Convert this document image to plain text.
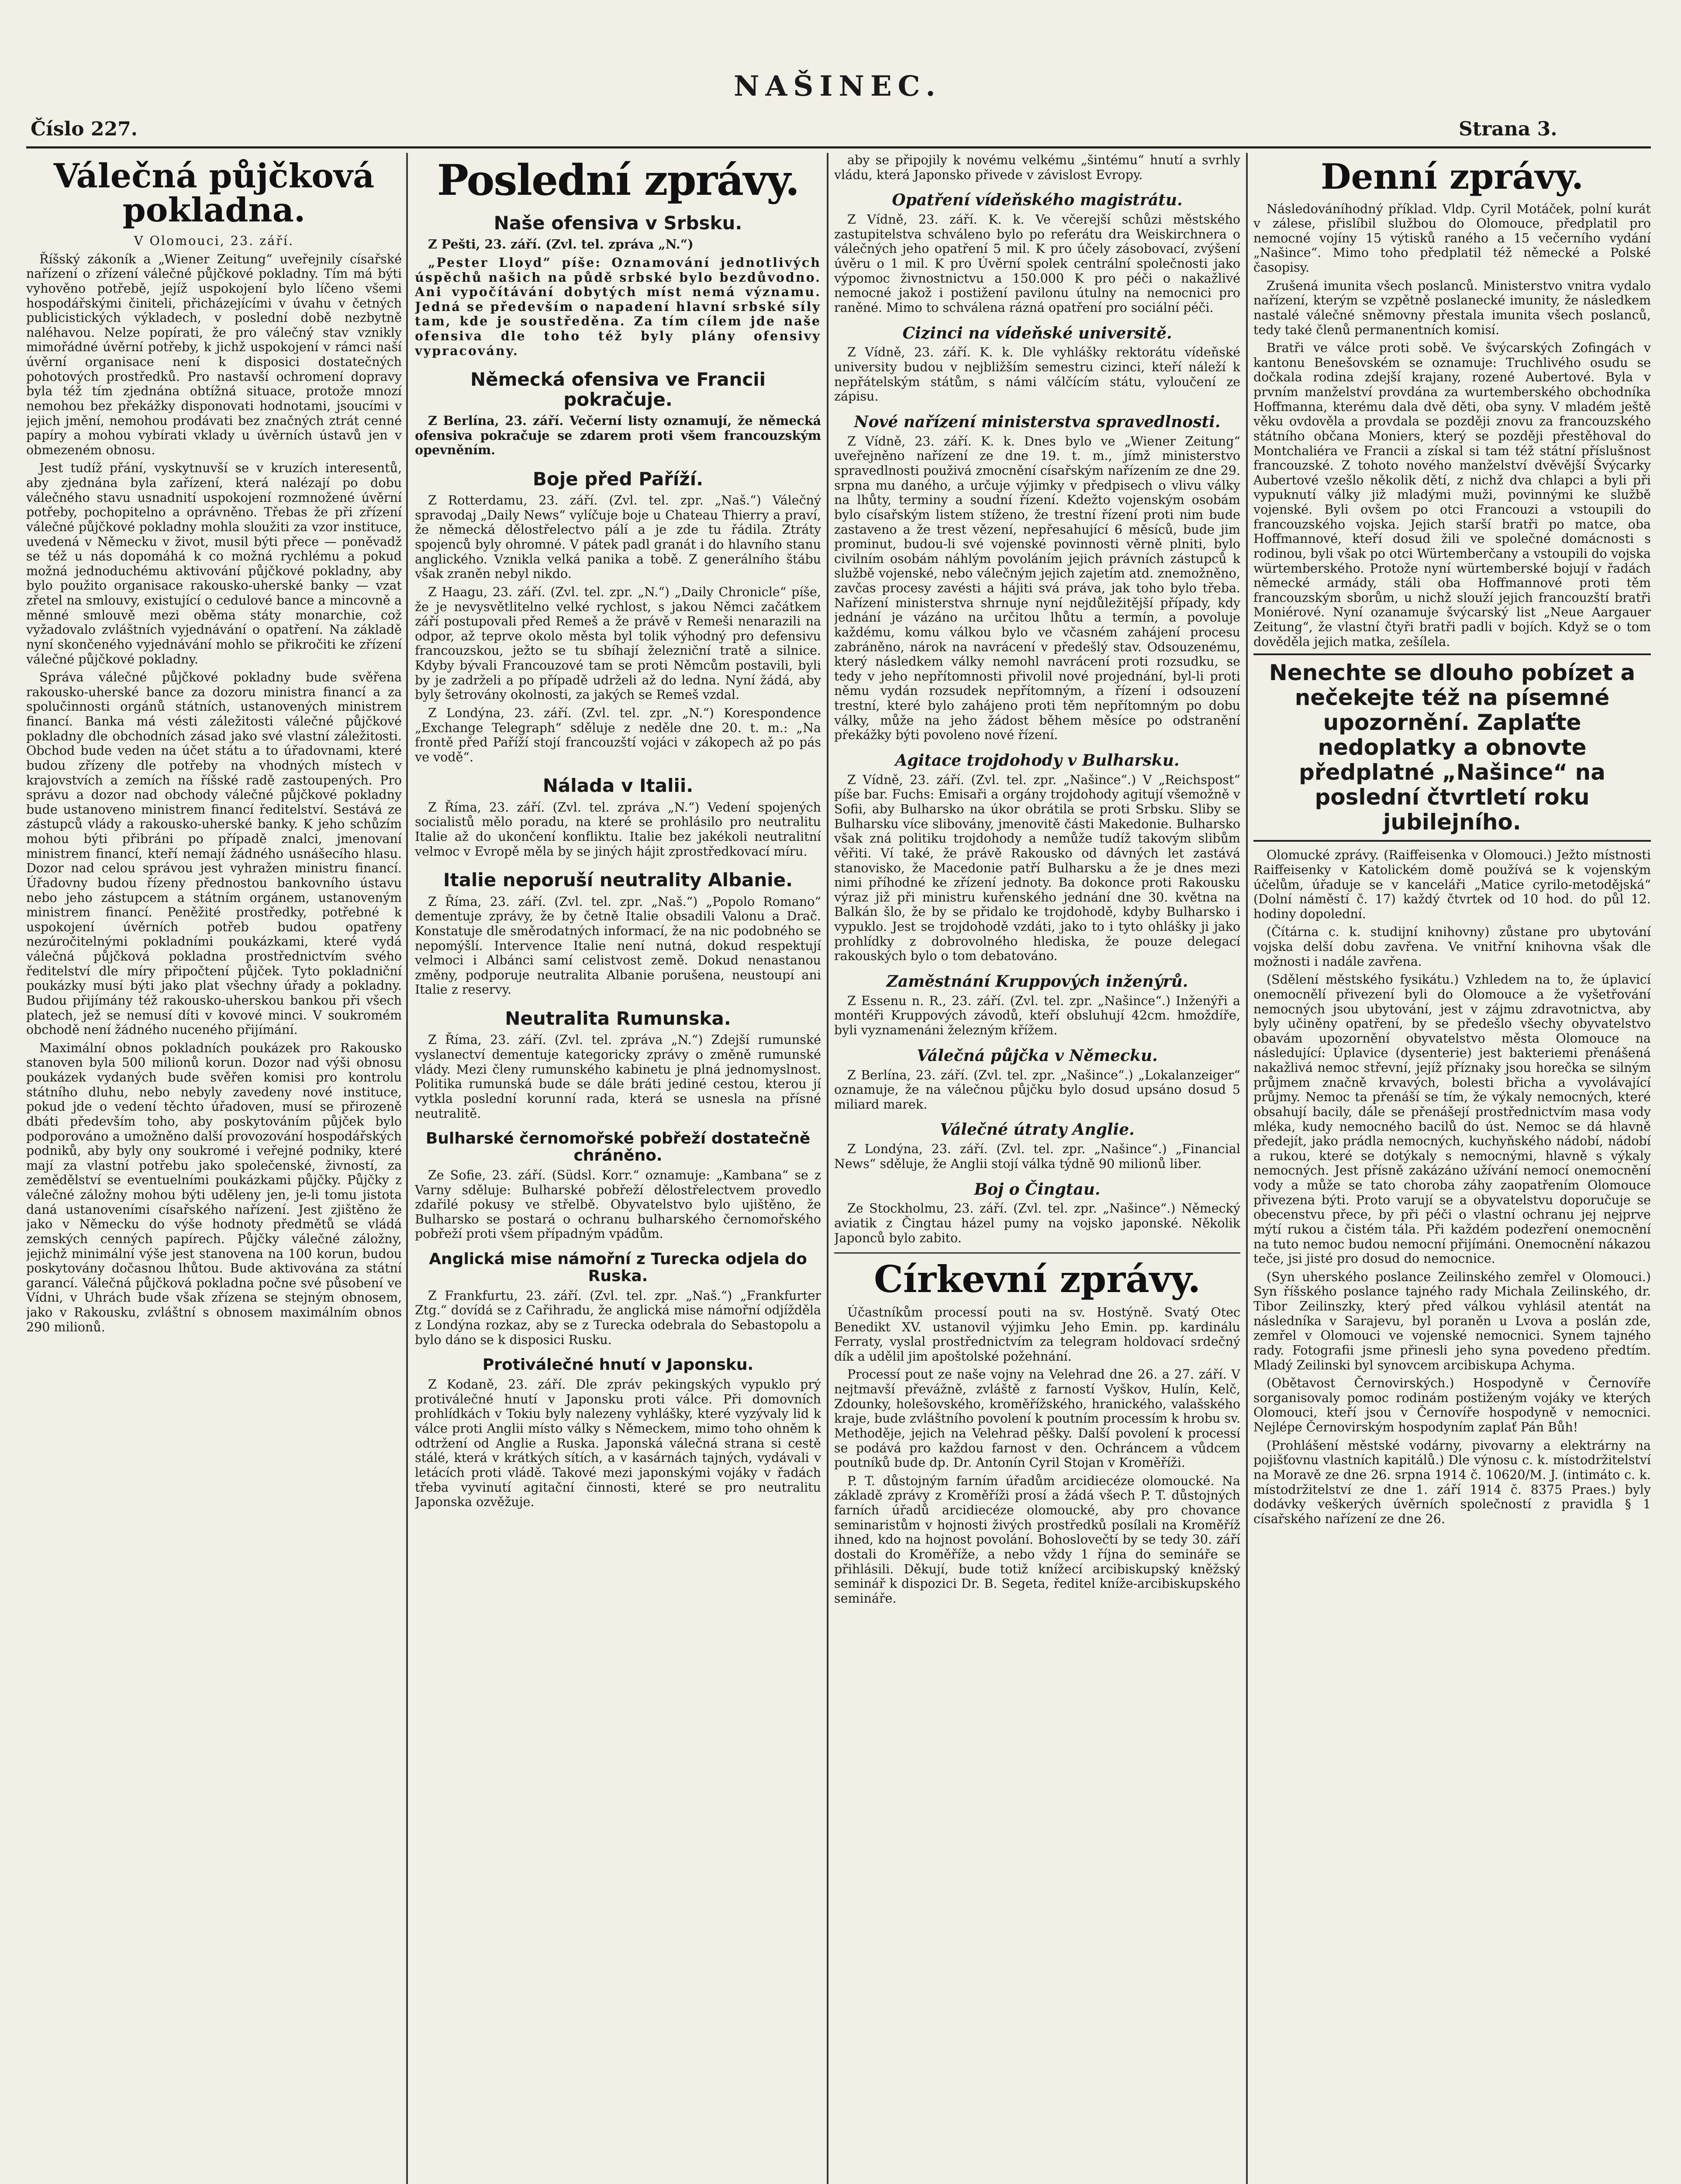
Číslo 227.
NAŠINEC.
Strana 3.
Válečná půjčková pokladna.

V Olomouci, 23. září.

Říšský zákoník a „Wiener Zeitung“ uveřejnily císařské nařízení o zřízení válečné půjčkové pokladny. Tím má býti vyhověno potřebě, jejíž uspokojení bylo líčeno všemi hospodářskými činiteli, přicházejícími v úvahu v četných publicistických výkladech, v poslední době nezbytně naléhavou. Nelze popírati, že pro válečný stav vznikly mimořádné úvěrní potřeby, k jichž uspokojení v rámci naší úvěrní organisace není k disposici dostatečných pohotových prostředků. Pro nastavší ochromení dopravy byla též tím zjednána obtížná situace, protože mnozí nemohou bez překážky disponovati hodnotami, jsoucími v jejich jmění, nemohou prodávati bez značných ztrát cenné papíry a mohou vybírati vklady u úvěrních ústavů jen v obmezeném obnosu.

Jest tudíž přání, vyskytnuvší se v kruzích interesentů, aby zjednána byla zařízení, která nalézají po dobu válečného stavu usnadnití uspokojení rozmnožené úvěrní potřeby, pochopitelno a oprávněno. Třebas že při zřízení válečné půjčkové pokladny mohla sloužiti za vzor instituce, uvedená v Německu v život, musil býti přece — poněvadž se též u nás dopomáhá k co možná rychlému a pokud možná jednoduchému aktivování půjčkové pokladny, aby bylo použito organisace rakousko-uherské banky — vzat zřetel na smlouvy, existující o cedulové bance a mincovně a měnné smlouvě mezi oběma státy monarchie, což vyžadovalo zvláštních vyjednávání o opatření. Na základě nyní skončeného vyjednávání mohlo se přikročiti ke zřízení válečné půjčkové pokladny.

Správa válečné půjčkové pokladny bude svěřena rakousko-uherské bance za dozoru ministra financí a za spolučinnosti orgánů státních, ustanovených ministrem financí. Banka má vésti záležitosti válečné půjčkové pokladny dle obchodních zásad jako své vlastní záležitosti. Obchod bude veden na účet státu a to úřadovnami, které budou zřízeny dle potřeby na vhodných místech v krajovstvích a zemích na říšské radě zastoupených. Pro správu a dozor nad obchody válečné půjčkové pokladny bude ustanoveno ministrem financí ředitelství. Sestává ze zástupců vlády a rakousko-uherské banky. K jeho schůzím mohou býti přibráni po případě znalci, jmenovaní ministrem financí, kteří nemají žádného usnášecího hlasu. Dozor nad celou správou jest vyhražen ministru financí. Úřadovny budou řízeny přednostou bankovního ústavu nebo jeho zástupcem a státním orgánem, ustanoveným ministrem financí. Peněžité prostředky, potřebné k uspokojení úvěrních potřeb budou opatřeny nezúročitelnými pokladními poukázkami, které vydá válečná půjčková pokladna prostřednictvím svého ředitelství dle míry připočtení půjček. Tyto pokladniční poukázky musí býti jako plat všechny úřady a pokladny. Budou přijímány též rakousko-uherskou bankou při všech platech, jež se nemusí díti v kovové minci. V soukromém obchodě není žádného nuceného přijímání.

Maximální obnos pokladních poukázek pro Rakousko stanoven byla 500 milionů korun. Dozor nad výši obnosu poukázek vydaných bude svěřen komisi pro kontrolu státního dluhu, nebo nebyly zavedeny nové instituce, pokud jde o vedení těchto úřadoven, musí se přirozeně dbáti především toho, aby poskytováním půjček bylo podporováno a umožněno další provozování hospodářských podniků, aby byly ony soukromé i veřejné podniky, které mají za vlastní potřebu jako společenské, živností, za zemědělství se eventuelními poukázkami půjčky. Půjčky z válečné záložny mohou býti uděleny jen, je-li tomu jistota daná ustanoveními císařského nařízení. Jest zjištěno že jako v Německu do výše hodnoty předmětů se vládá zemských cenných papírech. Půjčky válečné záložny, jejichž minimální výše jest stanovena na 100 korun, budou poskytovány dočasnou lhůtou. Bude aktivována za státní garancí. Válečná půjčková pokladna počne své působení ve Vídni, v Uhrách bude však zřízena se stejným obnosem, jako v Rakousku, zvláštní s obnosem maximálním obnos 290 milionů.

Poslední zprávy.
Naše ofensiva v Srbsku.

Z Pešti, 23. září. (Zvl. tel. zpráva „N.“)

„Pester Lloyd“ píše: Oznamování jednotlivých úspěchů našich na půdě srbské bylo bezdůvodno. Ani vypočítávání dobytých míst nemá významu. Jedná se především o napadení hlavní srbské síly tam, kde je soustředěna. Za tím cílem jde naše ofensiva dle toho též byly plány ofensivy vypracovány.

Německá ofensiva ve Francii pokračuje.

Z Berlína, 23. září. Večerní listy oznamují, že německá ofensiva pokračuje se zdarem proti všem francouzským opevněním.

Boje před Paříží.

Z Rotterdamu, 23. září. (Zvl. tel. zpr. „Naš.“) Válečný spravodaj „Daily News“ vylíčuje boje u Chateau Thierry a praví, že německá dělostřelectvo pálí a je zde tu řádila. Ztráty spojenců byly ohromné. V pátek padl granát i do hlavního stanu anglického. Vznikla velká panika a tobě. Z generálního štábu však zraněn nebyl nikdo.

Z Haagu, 23. září. (Zvl. tel. zpr. „N.“) „Daily Chronicle“ píše, že je nevysvětlitelno velké rychlost, s jakou Němci začátkem září postupovali před Remeš a že právě v Remeši nenarazili na odpor, až teprve okolo města byl tolik výhodný pro defensivu francouzskou, ježto se tu sbíhají železniční tratě a silnice. Kdyby bývali Francouzové tam se proti Němcům postavili, byli by je zadrželi a po případě udrželi až do ledna. Nyní žádá, aby byly šetrovány okolnosti, za jakých se Remeš vzdal.

Z Londýna, 23. září. (Zvl. tel. zpr. „N.“) Korespondence „Exchange Telegraph“ sděluje z neděle dne 20. t. m.: „Na frontě před Paříží stojí francouzští vojáci v zákopech až po pás ve vodě“.

Nálada v Italii.

Z Říma, 23. září. (Zvl. tel. zpráva „N.“) Vedení spojených socialistů mělo poradu, na které se prohlásilo pro neutralitu Italie až do ukončení konfliktu. Italie bez jakékoli neutralitní velmoc v Evropě měla by se jiných hájit zprostředkovací míru.

Italie neporuší neutrality Albanie.

Z Říma, 23. září. (Zvl. tel. zpr. „Naš.“) „Popolo Romano“ dementuje zprávy, že by četně Italie obsadili Valonu a Drač. Konstatuje dle směrodatných informací, že na nic podobného se nepomýšlí. Intervence Italie není nutná, dokud respektují velmoci i Albánci samí celistvost země. Dokud nenastanou změny, podporuje neutralita Albanie porušena, neustoupí ani Italie z reservy.

Neutralita Rumunska.

Z Říma, 23. září. (Zvl. tel. zpráva „N.“) Zdejší rumunské vyslanectví dementuje kategoricky zprávy o změně rumunské vlády. Mezi členy rumunského kabinetu je plná jednomyslnost. Politika rumunská bude se dále bráti jediné cestou, kterou jí vytkla poslední korunní rada, která se usnesla na přísné neutralitě.

Bulharské černomořské pobřeží dostatečně chráněno.

Ze Sofie, 23. září. (Südsl. Korr.“ oznamuje: „Kambana“ se z Varny sděluje: Bulharské pobřeží dělostřelectvem provedlo zdařilé pokusy ve střelbě. Obyvatelstvo bylo ujištěno, že Bulharsko se postará o ochranu bulharského černomořského pobřeží proti všem případným vpádům.

Anglická mise námořní z Turecka odjela do Ruska.

Z Frankfurtu, 23. září. (Zvl. tel. zpr. „Naš.“) „Frankfurter Ztg.“ dovídá se z Cařihradu, že anglická mise námořní odjížděla z Londýna rozkaz, aby se z Turecka odebrala do Sebastopolu a bylo dáno se k disposici Rusku.

Protiválečné hnutí v Japonsku.

Z Kodaně, 23. září. Dle zpráv pekingských vypuklo prý protiválečné hnutí v Japonsku proti válce. Při domovních prohlídkách v Tokiu byly nalezeny vyhlášky, které vyzývaly lid k válce proti Anglii místo války s Německem, mimo toho ohněm k odtržení od Anglie a Ruska. Japonská válečná strana si cestě stálé, která v krátkých sítích, a v kasárnách tajných, vydávali v letácích proti vládě. Takové mezi japonskými vojáky v řadách třeba vyvinutí agitační činnosti, které se pro neutralitu Japonska ozvěžuje.

aby se připojily k novému velkému „šintému“ hnutí a svrhly vládu, která Japonsko přivede v závislost Evropy.

Opatření vídeňského magistrátu.

Z Vídně, 23. září. K. k. Ve včerejší schůzi městského zastupitelstva schváleno bylo po referátu dra Weiskirchnera o válečných jeho opatření 5 mil. K pro účely zásobovací, zvýšení úvěru o 1 mil. K pro Úvěrní spolek centrální společnosti jako výpomoc živnostnictvu a 150.000 K pro péči o nakažlivé nemocné jakož i postižení pavilonu útulny na nemocnici pro raněné. Mimo to schválena rázná opatření pro sociální péči.

Cizinci na vídeňské universitě.

Z Vídně, 23. září. K. k. Dle vyhlášky rektorátu vídeňské university budou v nejbližším semestru cizinci, kteří náleží k nepřátelským státům, s námi válčícím státu, vyloučení ze zápisu.

Nové nařízení ministerstva spravedlnosti.

Z Vídně, 23. září. K. k. Dnes bylo ve „Wiener Zeitung“ uveřejněno nařízení ze dne 19. t. m., jímž ministerstvo spravedlnosti použivá zmocnění císařským nařízením ze dne 29. srpna mu daného, a určuje výjimky v předpisech o vlivu války na lhůty, terminy a soudní řízení. Kdežto vojenským osobám bylo císařským listem stíženo, že trestní řízení proti nim bude zastaveno a že trest vězení, nepřesahující 6 měsíců, bude jim prominut, budou-li své vojenské povinnosti věrně plniti, bylo civilním osobám náhlým povoláním jejich právních zástupců k službě vojenské, nebo válečným jejich zajetím atd. znemožněno, zavčas procesy zavésti a hájiti svá práva, jak toho bylo třeba. Nařízení ministerstva shrnuje nyní nejdůležitější případy, kdy jednání je vázáno na určitou lhůtu a termín, a povoluje každému, komu válkou bylo ve včasném zahájení procesu zabráněno, nárok na navrácení v předešlý stav. Odsouzenému, který následkem války nemohl navrácení proti rozsudku, se tedy v jeho nepřítomnosti přivolil nové projednání, byl-li proti němu vydán rozsudek nepřítomným, a řízení i odsouzení trestní, které bylo zahájeno proti těm nepřítomným po dobu války, může na jeho žádost během měsíce po odstranění překážky býti povoleno nové řízení.

Agitace trojdohody v Bulharsku.

Z Vídně, 23. září. (Zvl. tel. zpr. „Našince“.) V „Reichspost“ píše bar. Fuchs: Emisaři a orgány trojdohody agitují všemožně v Sofii, aby Bulharsko na úkor obrátila se proti Srbsku. Sliby se Bulharsku více slibovány, jmenovitě části Makedonie. Bulharsko však zná politiku trojdohody a nemůže tudíž takovým slibům věřiti. Ví také, že právě Rakousko od dávných let zastává stanovisko, že Macedonie patří Bulharsku a že je dnes mezi nimi příhodné ke zřízení jednoty. Ba dokonce proti Rakousku výraz již při ministru kuřenského jednání dne 30. května na Balkán šlo, že by se přidalo ke trojdohodě, kdyby Bulharsko i vypuklo. Jest se trojdohodě vzdáti, jako to i tyto ohlášky ji jako prohlídky z dobrovolného hlediska, že pouze delegací rakouských bylo o tom debatováno.

Zaměstnání Kruppových inženýrů.

Z Essenu n. R., 23. září. (Zvl. tel. zpr. „Našince“.) Inženýři a montéři Kruppových závodů, kteří obsluhují 42cm. hmoždíře, byli vyznamenáni železným křížem.

Válečná půjčka v Německu.

Z Berlína, 23. září. (Zvl. tel. zpr. „Našince“.) „Lokalanzeiger“ oznamuje, že na válečnou půjčku bylo dosud upsáno dosud 5 miliard marek.

Válečné útraty Anglie.

Z Londýna, 23. září. (Zvl. tel. zpr. „Našince“.) „Financial News“ sděluje, že Anglii stojí válka týdně 90 milionů liber.

Boj o Čingtau.

Ze Stockholmu, 23. září. (Zvl. tel. zpr. „Našince“.) Německý aviatik z Čingtau házel pumy na vojsko japonské. Několik Japonců bylo zabito.

Církevní zprávy.

Účastníkům processí pouti na sv. Hostýně. Svatý Otec Benedikt XV. ustanovil výjimku Jeho Emin. pp. kardinálu Ferraty, vyslal prostřednictvím za telegram holdovací srdečný dík a udělil jim apoštolské požehnání.

Processí pout ze naše vojny na Velehrad dne 26. a 27. září. V nejtmavší převážně, zvláště z farností Vyškov, Hulín, Kelč, Zdounky, holešovského, kroměřížského, hranického, valašského kraje, bude zvláštního povolení k poutním processím k hrobu sv. Methoděje, jejich na Velehrad pěšky. Další povolení k processí se podává pro každou farnost v den. Ochráncem a vůdcem poutníků bude dp. Dr. Antonín Cyril Stojan v Kroměříži.

P. T. důstojným farním úřadům arcidiecéze olomoucké. Na základě zprávy z Kroměříži prosí a žádá všech P. T. důstojných farních úřadů arcidiecéze olomoucké, aby pro chovance seminaristům v hojnosti živých prostředků posílali na Kroměříž ihned, kdo na hojnost povolání. Bohoslovečtí by se tedy 30. září dostali do Kroměříže, a nebo vždy 1 října do semináře se přihlásili. Děkují, bude totiž knížecí arcibiskupský kněžský seminář k dispozici Dr. B. Segeta, ředitel kníže-arcibiskupského semináře.

Denní zprávy.

Následováníhodný příklad. Vldp. Cyril Motáček, polní kurát v zálese, přislíbil službou do Olomouce, předplatil pro nemocné vojíny 15 výtisků raného a 15 večerního vydání „Našince“. Mimo toho předplatil též německé a Polské časopisy.

Zrušená imunita všech poslanců. Ministerstvo vnitra vydalo nařízení, kterým se vzpětně poslanecké imunity, že následkem nastalé válečné sněmovny přestala imunita všech poslanců, tedy také členů permanentních komisí.

Bratři ve válce proti sobě. Ve švýcarských Zofingách v kantonu Benešovském se oznamuje: Truchlivého osudu se dočkala rodina zdejší krajany, rozené Aubertové. Byla v prvním manželství provdána za wurtemberského obchodníka Hoffmanna, kterému dala dvě děti, oba syny. V mladém ještě věku ovdověla a provdala se později znovu za francouzského státního občana Moniers, který se později přestěhoval do Montchaliéra ve Francii a získal si tam též státní příslušnost francouzské. Z tohoto nového manželství dvěvější Švýcarky Aubertové vzešlo několik dětí, z nichž dva chlapci a byli při vypuknutí války již mladými muži, povinnými ke službě vojenské. Byli ovšem po otci Francouzi a vstoupili do francouzského vojska. Jejich starší bratři po matce, oba Hoffmannové, kteří dosud žili ve společné domácnosti s rodinou, byli však po otci Würtemberčany a vstoupili do vojska würtemberského. Protože nyní würtemberské bojují v řadách německé armády, stáli oba Hoffmannové proti těm francouzským sborům, u nichž slouží jejich francouzští bratři Moniérové. Nyní ozanamuje švýcarský list „Neue Aargauer Zeitung“, že vlastní čtyři bratři padli v bojích. Když se o tom dověděla jejich matka, zešílela.

Nenechte se dlouho pobízet a nečekejte též na písemné upozornění. Zaplaťte nedoplatky a obnovte předplatné „Našince“ na poslední čtvrtletí roku jubilejního.

Olomucké zprávy. (Raiffeisenka v Olomouci.) Ježto místnosti Raiffeisenky v Katolickém domě používá se k vojenským účelům, úřaduje se v kanceláři „Matice cyrilo-metodějská“ (Dolní náměstí č. 17) každý čtvrtek od 10 hod. do půl 12. hodiny dopolední.

(Čítárna c. k. studijní knihovny) zůstane pro ubytování vojska delší dobu zavřena. Ve vnitřní knihovna však dle možnosti i nadále zavřena.

(Sdělení městského fysikátu.) Vzhledem na to, že úplavicí onemocnělí přivezení byli do Olomouce a že vyšetřování nemocných jsou ubytování, jest v zájmu zdravotnictva, aby byly učiněny opatření, by se předešlo všechy obyvatelstvo obavám upozornění obyvatelstvo města Olomouce na následující: Úplavice (dysenterie) jest bakteriemi přenášená nakažlivá nemoc střevní, jejíž příznaky jsou horečka se silným průjmem značně krvavých, bolesti břicha a vyvolávající průjmy. Nemoc ta přenáší se tím, že výkaly nemocných, které obsahují bacily, dále se přenášejí prostřednictvím masa vody mléka, kudy nemocného bacilů do úst. Nemoc se dá hlavně předejít, jako prádla nemocných, kuchyňského nádobí, nádobí a rukou, které se dotýkaly s nemocnými, hlavně s výkaly nemocných. Jest přísně zakázáno užívání nemocí onemocnění vody a může se tato choroba záhy zaopatřením Olomouce přivezena býti. Proto varují se a obyvatelstvu doporučuje se obecenstvu přece, by při péči o vlastní ochranu jej nejprve mýtí rukou a čistém tála. Při každém podezření onemocnění na tuto nemoc budou nemocní přijímáni. Onemocnění nákazou teče, jsi jisté pro dosud do nemocnice.

(Syn uherského poslance Zeilinského zemřel v Olomouci.) Syn říšského poslance tajného rady Michala Zeilinského, dr. Tibor Zeilinszky, který před válkou vyhlásil atentát na následníka v Sarajevu, byl poraněn u Lvova a poslán zde, zemřel v Olomouci ve vojenské nemocnici. Synem tajného rady. Fotografii jsme přinesli jeho syna povedeno předtím. Mladý Zeilinski byl synovcem arcibiskupa Achyma.

(Obětavost Černovirských.) Hospodyně v Černovíře sorganisovaly pomoc rodinám postiženým vojáky ve kterých Olomouci, kteří jsou v Černovíře hospodyně v nemocnici. Nejlépe Černovirským hospodyním zaplať Pán Bůh!

(Prohlášení městské vodárny, pivovarny a elektrárny na pojišťovnu vlastních kapitálů.) Dle výnosu c. k. místodržitelství na Moravě ze dne 26. srpna 1914 č. 10620/M. J. (intimáto c. k. místodržitelství ze dne 1. září 1914 č. 8375 Praes.) byly dodávky veškerých úvěrních společností z pravidla § 1 císařského nařízení ze dne 26.
